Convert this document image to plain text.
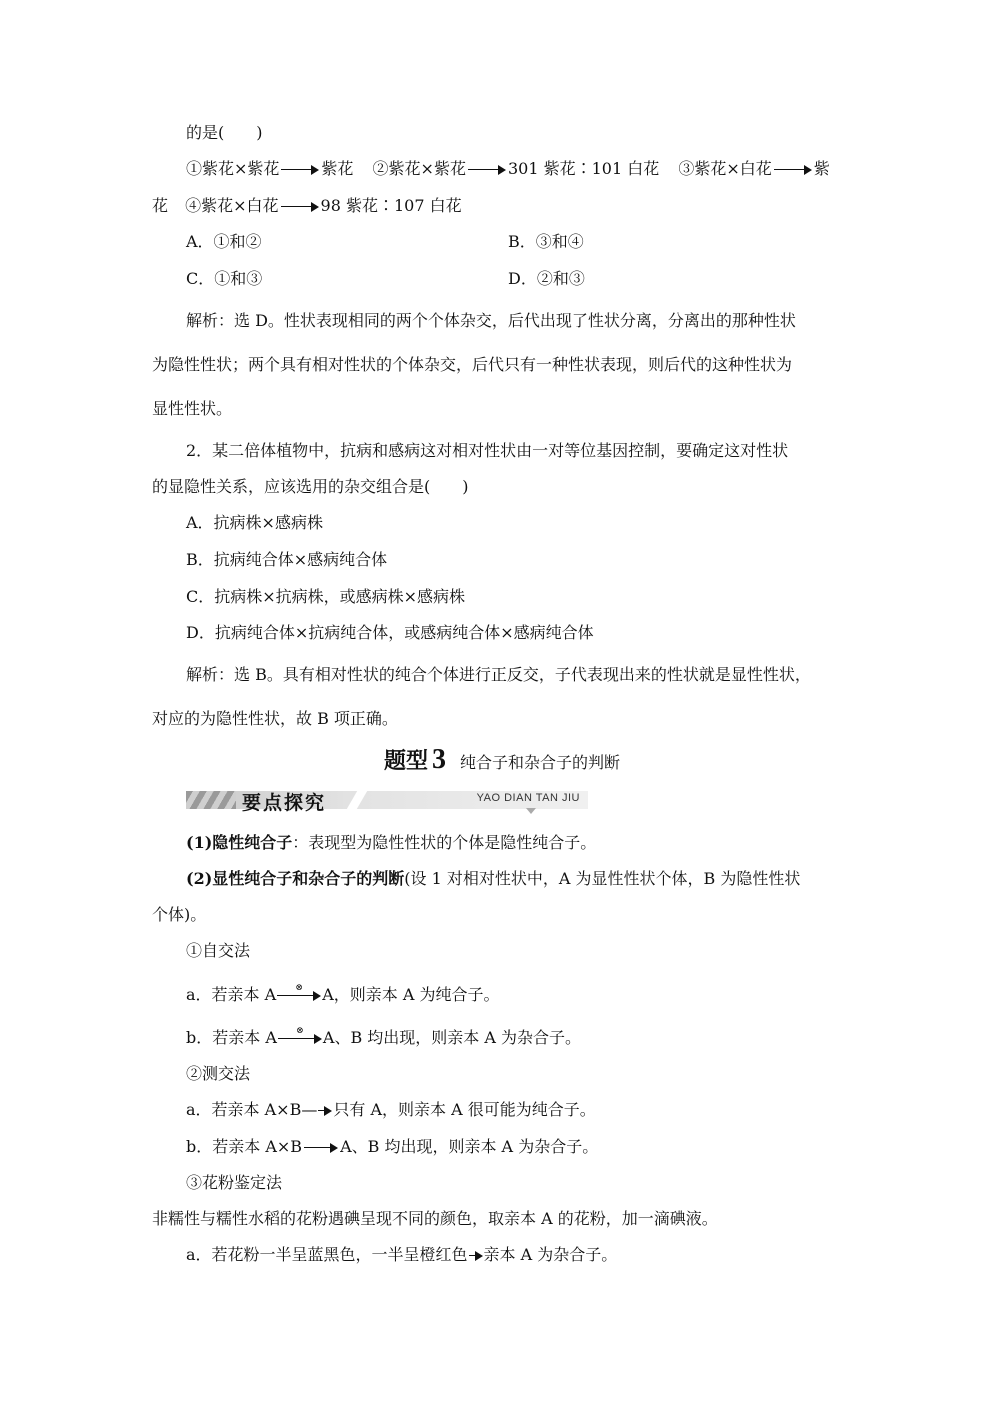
的是(　　)
①紫花×紫花	紫花 ②紫花×紫花	301 紫花∶101 白花 ③紫花×白花	紫
花 ④紫花×白花	98 紫花∶107 白花
A．①和②	B．③和④
C．①和③	D．②和③
解析：选 D。性状表现相同的两个个体杂交，后代出现了性状分离，分离出的那种性状
为隐性性状；两个具有相对性状的个体杂交，后代只有一种性状表现，则后代的这种性状为
显性性状。
2．某二倍体植物中，抗病和感病这对相对性状由一对等位基因控制，要确定这对性状
的显隐性关系，应该选用的杂交组合是(　　)
A．抗病株×感病株
B．抗病纯合体×感病纯合体
C．抗病株×抗病株，或感病株×感病株
D．抗病纯合体×抗病纯合体，或感病纯合体×感病纯合体
解析：选 B。具有相对性状的纯合个体进行正反交，子代表现出来的性状就是显性性状，
对应的为隐性性状，故 B 项正确。
题型 3 纯合子和杂合子的判断
要点探究	YAO DIAN TAN JIU
(1)隐性纯合子：表现型为隐性性状的个体是隐性纯合子。
(2)显性纯合子和杂合子的判断(设 1 对相对性状中，A 为显性性状个体，B 为隐性性状
个体)。
①自交法
a．若亲本 A ⊗ A，则亲本 A 为纯合子。
b．若亲本 A ⊗ A、B 均出现，则亲本 A 为杂合子。
②测交法
a．若亲本 A×B— 只有 A，则亲本 A 很可能为纯合子。
b．若亲本 A×B A、B 均出现，则亲本 A 为杂合子。
③花粉鉴定法
非糯性与糯性水稻的花粉遇碘呈现不同的颜色，取亲本 A 的花粉，加一滴碘液。
a．若花粉一半呈蓝黑色，一半呈橙红色 亲本 A 为杂合子。
